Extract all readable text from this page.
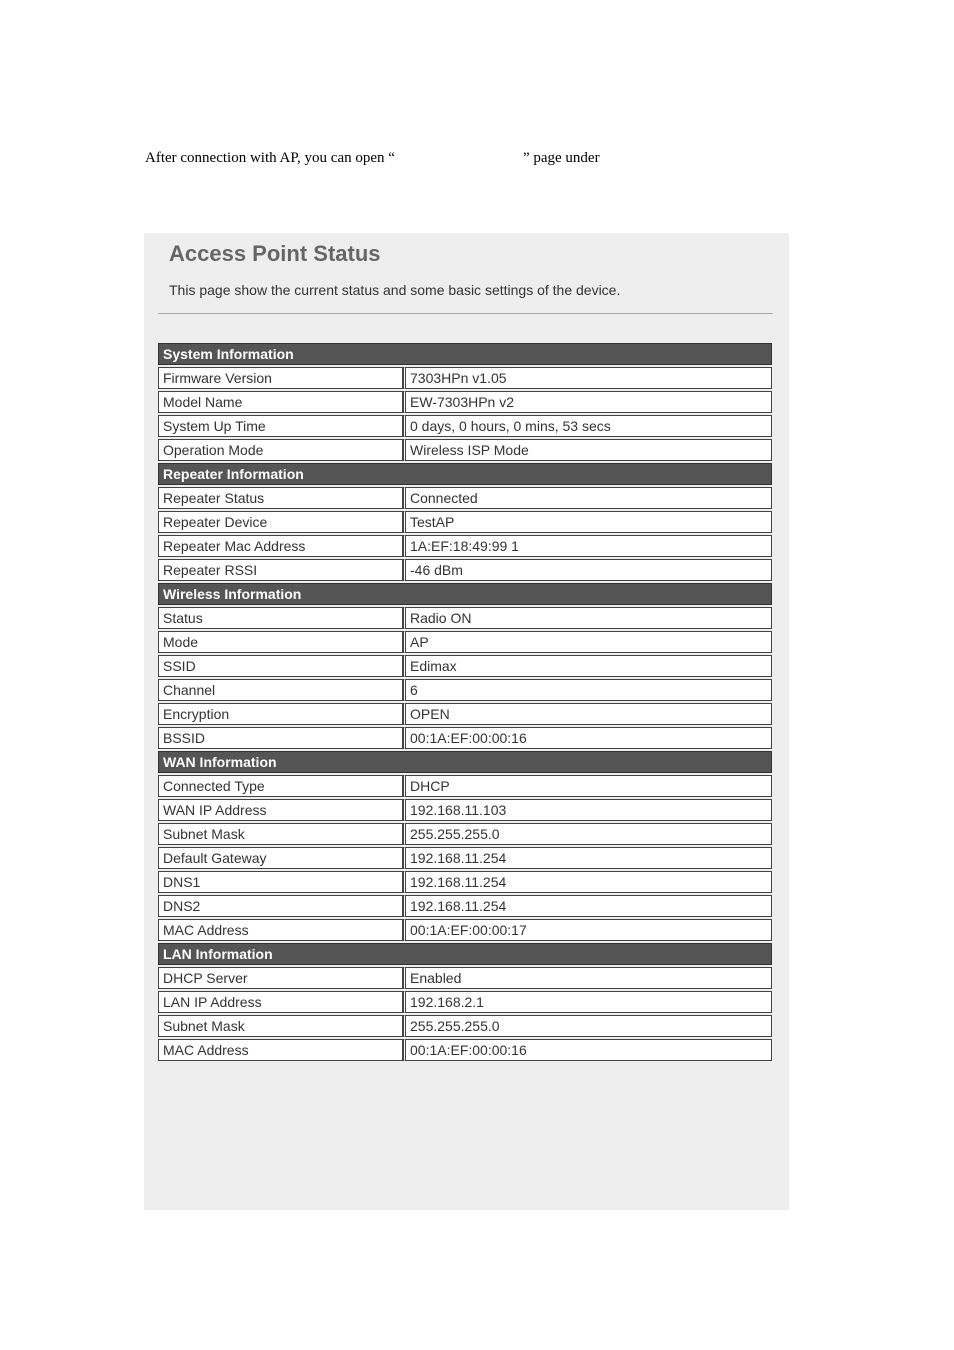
After connection with AP, you can open “	” page under
Access Point Status
This page show the current status and some basic settings of the device.
System Information	
Firmware Version	7303HPn v1.05
Model Name	EW-7303HPn v2
System Up Time	0 days, 0 hours, 0 mins, 53 secs
Operation Mode	Wireless ISP Mode
Repeater Information	
Repeater Status	Connected
Repeater Device	TestAP
Repeater Mac Address	1A:EF:18:49:99 1
Repeater RSSI	-46 dBm
Wireless Information	
Status	Radio ON
Mode	AP
SSID	Edimax
Channel	6
Encryption	OPEN
BSSID	00:1A:EF:00:00:16
WAN Information	
Connected Type	DHCP
WAN IP Address	192.168.11.103
Subnet Mask	255.255.255.0
Default Gateway	192.168.11.254
DNS1	192.168.11.254
DNS2	192.168.11.254
MAC Address	00:1A:EF:00:00:17
LAN Information	
DHCP Server	Enabled
LAN IP Address	192.168.2.1
Subnet Mask	255.255.255.0
MAC Address	00:1A:EF:00:00:16
